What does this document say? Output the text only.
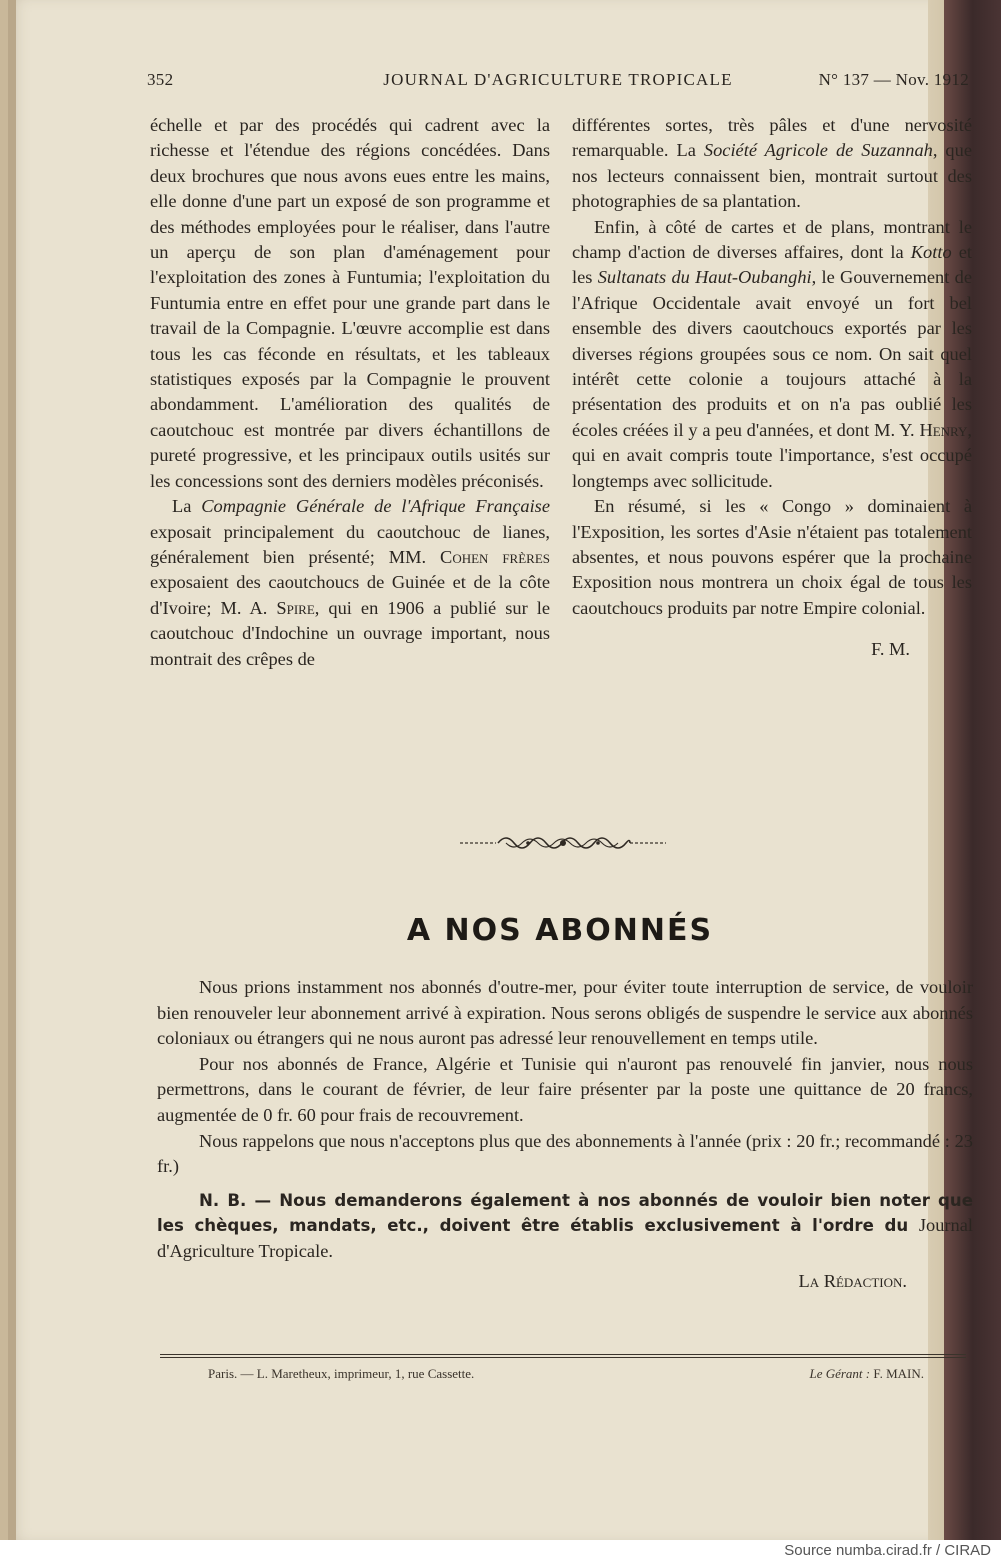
352	JOURNAL D'AGRICULTURE TROPICALE	N° 137 — Nov. 1912

échelle et par des procédés qui cadrent avec la richesse et l'étendue des régions concédées. Dans deux brochures que nous avons eues entre les mains, elle donne d'une part un exposé de son programme et des méthodes employées pour le réaliser, dans l'autre un aperçu de son plan d'aménagement pour l'exploitation des zones à Funtumia; l'exploitation du Funtumia entre en effet pour une grande part dans le travail de la Compagnie. L'œuvre accomplie est dans tous les cas féconde en résultats, et les tableaux statistiques exposés par la Compagnie le prouvent abondamment. L'amélioration des qualités de caoutchouc est montrée par divers échantillons de pureté progressive, et les principaux outils usités sur les concessions sont des derniers modèles préconisés.

La Compagnie Générale de l'Afrique Française exposait principalement du caoutchouc de lianes, généralement bien présenté; MM. Cohen frères exposaient des caoutchoucs de Guinée et de la côte d'Ivoire; M. A. Spire, qui en 1906 a publié sur le caoutchouc d'Indochine un ouvrage important, nous montrait des crêpes de

différentes sortes, très pâles et d'une nervosité remarquable. La Société Agricole de Suzannah, que nos lecteurs connaissent bien, montrait surtout des photographies de sa plantation.

Enfin, à côté de cartes et de plans, montrant le champ d'action de diverses affaires, dont la Kotto et les Sultanats du Haut-Oubanghi, le Gouvernement de l'Afrique Occidentale avait envoyé un fort bel ensemble des divers caoutchoucs exportés par les diverses régions groupées sous ce nom. On sait quel intérêt cette colonie a toujours attaché à la présentation des produits et on n'a pas oublié les écoles créées il y a peu d'années, et dont M. Y. Henry, qui en avait compris toute l'importance, s'est occupé longtemps avec sollicitude.

En résumé, si les « Congo » dominaient à l'Exposition, les sortes d'Asie n'étaient pas totalement absentes, et nous pouvons espérer que la prochaine Exposition nous montrera un choix égal de tous les caoutchoucs produits par notre Empire colonial.

F. M.

A NOS ABONNÉS

Nous prions instamment nos abonnés d'outre-mer, pour éviter toute interruption de service, de vouloir bien renouveler leur abonnement arrivé à expiration. Nous serons obligés de suspendre le service aux abonnés coloniaux ou étrangers qui ne nous auront pas adressé leur renouvellement en temps utile.

Pour nos abonnés de France, Algérie et Tunisie qui n'auront pas renouvelé fin janvier, nous nous permettrons, dans le courant de février, de leur faire présenter par la poste une quittance de 20 francs, augmentée de 0 fr. 60 pour frais de recouvrement.

Nous rappelons que nous n'acceptons plus que des abonnements à l'année (prix : 20 fr.; recommandé : 23 fr.)

N. B. — Nous demanderons également à nos abonnés de vouloir bien noter que les chèques, mandats, etc., doivent être établis exclusivement à l'ordre du Journal d'Agriculture Tropicale.

La Rédaction.

Paris. — L. Maretheux, imprimeur, 1, rue Cassette.	Le Gérant : F. MAIN.
Source numba.cirad.fr / CIRAD
